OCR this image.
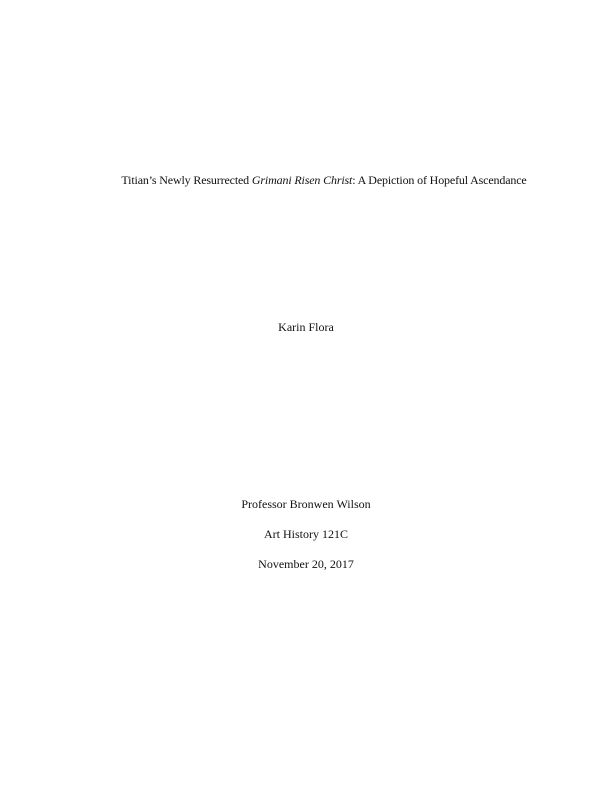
Titian’s Newly Resurrected Grimani Risen Christ: A Depiction of Hopeful Ascendance
Karin Flora
Professor Bronwen Wilson
Art History 121C
November 20, 2017
